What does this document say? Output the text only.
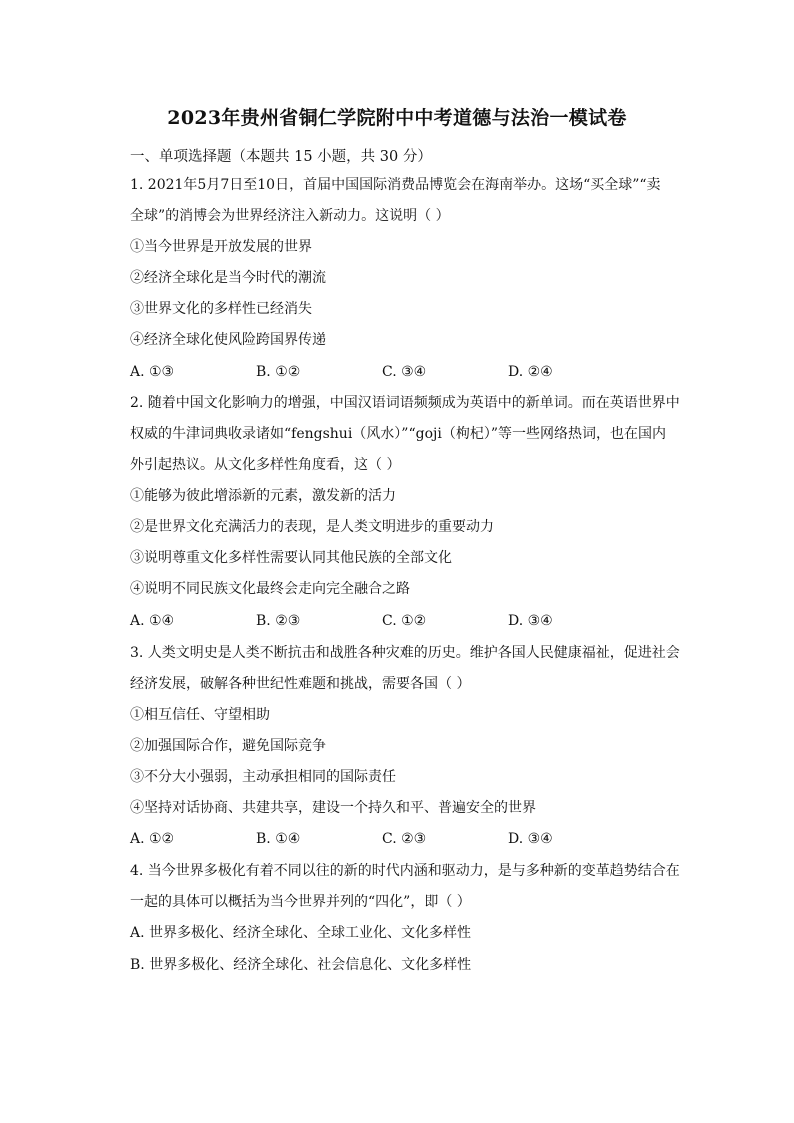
2023年贵州省铜仁学院附中中考道德与法治一模试卷
一、单项选择题（本题共 15 小题，共 30 分）
1. 2021年5月7日至10日，首届中国国际消费品博览会在海南举办。这场“买全球”“卖
全球”的消博会为世界经济注入新动力。这说明（ ）
①当今世界是开放发展的世界
②经济全球化是当今时代的潮流
③世界文化的多样性已经消失
④经济全球化使风险跨国界传递
A. ①③	B. ①②	C. ③④	D. ②④
2. 随着中国文化影响力的增强，中国汉语词语频频成为英语中的新单词。而在英语世界中
权威的牛津词典收录诸如“fengshui（风水）”“goji（枸杞）”等一些网络热词，也在国内
外引起热议。从文化多样性角度看，这（ ）
①能够为彼此增添新的元素，激发新的活力
②是世界文化充满活力的表现，是人类文明进步的重要动力
③说明尊重文化多样性需要认同其他民族的全部文化
④说明不同民族文化最终会走向完全融合之路
A. ①④	B. ②③	C. ①②	D. ③④
3. 人类文明史是人类不断抗击和战胜各种灾难的历史。维护各国人民健康福祉，促进社会
经济发展，破解各种世纪性难题和挑战，需要各国（ ）
①相互信任、守望相助
②加强国际合作，避免国际竞争
③不分大小强弱，主动承担相同的国际责任
④坚持对话协商、共建共享，建设一个持久和平、普遍安全的世界
A. ①②	B. ①④	C. ②③	D. ③④
4. 当今世界多极化有着不同以往的新的时代内涵和驱动力，是与多种新的变革趋势结合在
一起的具体可以概括为当今世界并列的“四化”，即（ ）
A. 世界多极化、经济全球化、全球工业化、文化多样性
B. 世界多极化、经济全球化、社会信息化、文化多样性
